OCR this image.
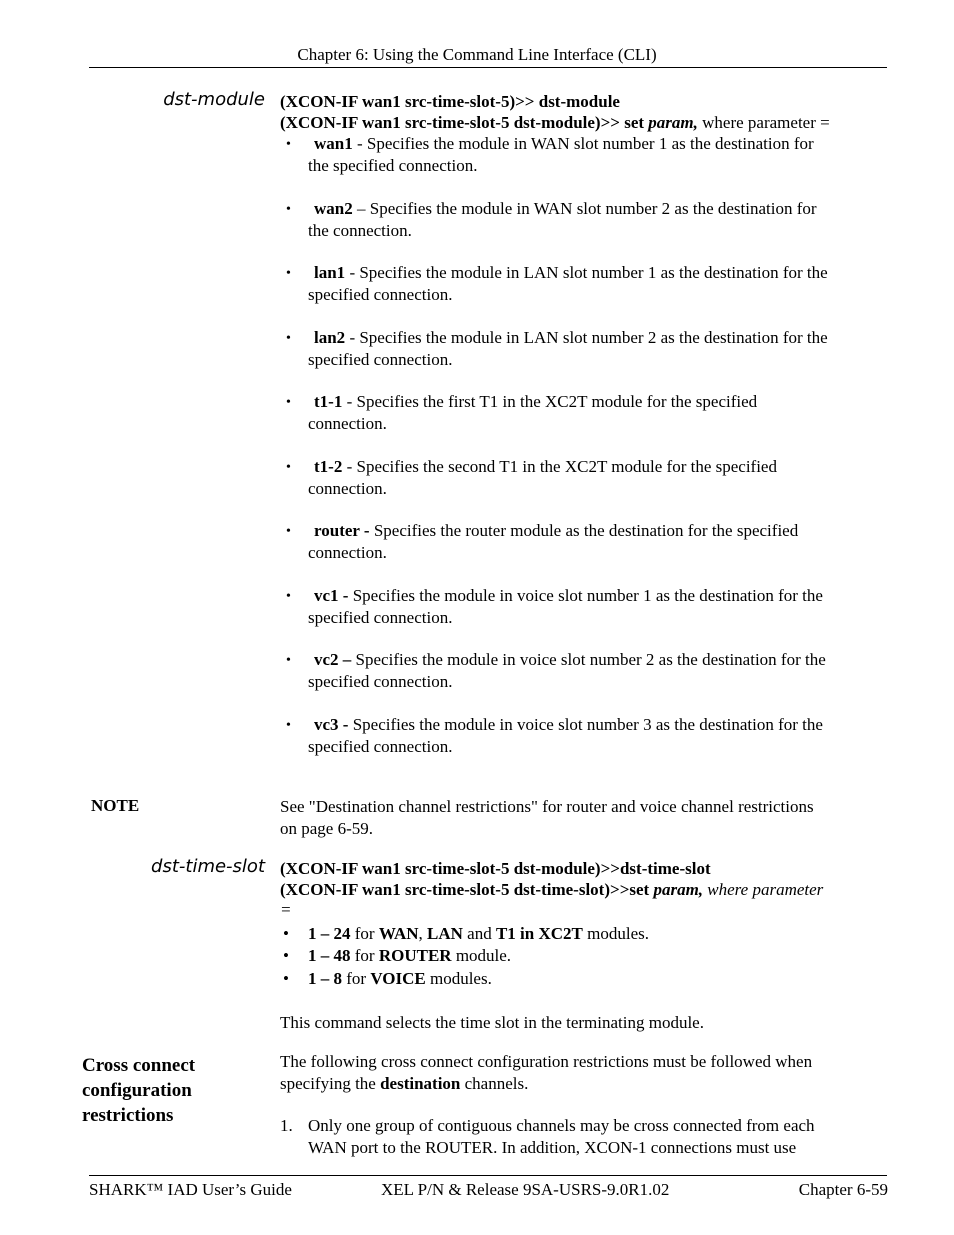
Chapter 6: Using the Command Line Interface (CLI)
dst-module (XCON-IF wan1 src-time-slot-5)>> dst-module
(XCON-IF wan1 src-time-slot-5 dst-module)>> set param, where parameter =
• wan1 - Specifies the module in WAN slot number 1 as the destination for
the specified connection.
• wan2 – Specifies the module in WAN slot number 2 as the destination for
the connection.
• lan1 - Specifies the module in LAN slot number 1 as the destination for the
specified connection.
• lan2 - Specifies the module in LAN slot number 2 as the destination for the
specified connection.
• t1-1 - Specifies the first T1 in the XC2T module for the specified
connection.
• t1-2 - Specifies the second T1 in the XC2T module for the specified
connection.
• router - Specifies the router module as the destination for the specified
connection.
• vc1 - Specifies the module in voice slot number 1 as the destination for the
specified connection.
• vc2 – Specifies the module in voice slot number 2 as the destination for the
specified connection.
• vc3 - Specifies the module in voice slot number 3 as the destination for the
specified connection.
NOTE	See "Destination channel restrictions" for router and voice channel restrictions
on page 6-59.
dst-time-slot (XCON-IF wan1 src-time-slot-5 dst-module)>>dst-time-slot
(XCON-IF wan1 src-time-slot-5 dst-time-slot)>>set param, where parameter
=
• 1 – 24 for WAN, LAN and T1 in XC2T modules.
• 1 – 48 for ROUTER module.
• 1 – 8 for VOICE modules.
This command selects the time slot in the terminating module.
Cross connect
configuration
restrictions
The following cross connect configuration restrictions must be followed when
specifying the destination channels.
1. Only one group of contiguous channels may be cross connected from each
WAN port to the ROUTER. In addition, XCON-1 connections must use
SHARK™ IAD User’s Guide	XEL P/N & Release 9SA-USRS-9.0R1.02	Chapter 6-59
